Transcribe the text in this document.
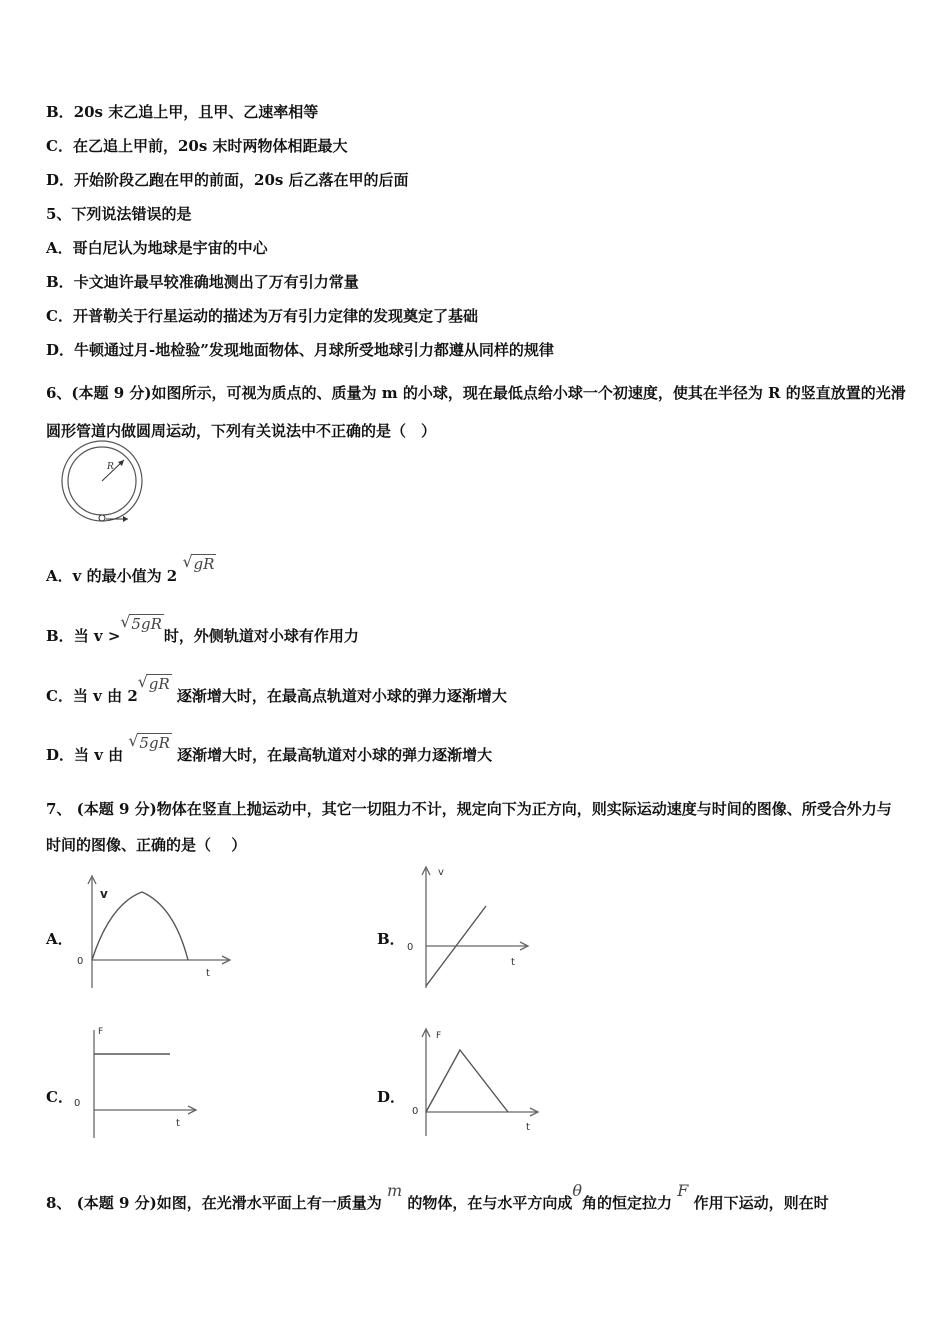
B．20s 末乙追上甲，且甲、乙速率相等
C．在乙追上甲前，20s 末时两物体相距最大
D．开始阶段乙跑在甲的前面，20s 后乙落在甲的后面
5、下列说法错误的是
A．哥白尼认为地球是宇宙的中心
B．卡文迪许最早较准确地测出了万有引力常量
C．开普勒关于行星运动的描述为万有引力定律的发现奠定了基础
D．牛顿通过月-地检验”发现地面物体、月球所受地球引力都遵从同样的规律
6、(本题 9 分)如图所示，可视为质点的、质量为 m 的小球，现在最低点给小球一个初速度，使其在半径为 R 的竖直放置的光滑圆形管道内做圆周运动，下列有关说法中不正确的是（　）
R
A．v 的最小值为 2
√ gR
B．当 v >
√ 5gR时，外侧轨道对小球有作用力
C．当 v 由 2
√ gR 逐渐增大时，在最高点轨道对小球的弹力逐渐增大
D．当 v 由
√ 5gR 逐渐增大时，在最高轨道对小球的弹力逐渐增大
7、 (本题 9 分)物体在竖直上抛运动中，其它一切阻力不计，规定向下为正方向，则实际运动速度与时间的图像、所受合外力与时间的图像、正确的是（　 ）
A．
v
0
t
B．
v
0
t
C．
F
0
t
D．
F
0
t
8、 (本题 9 分)如图，在光滑水平面上有一质量为 m 的物体，在与水平方向成θ角的恒定拉力 F 作用下运动，则在时
